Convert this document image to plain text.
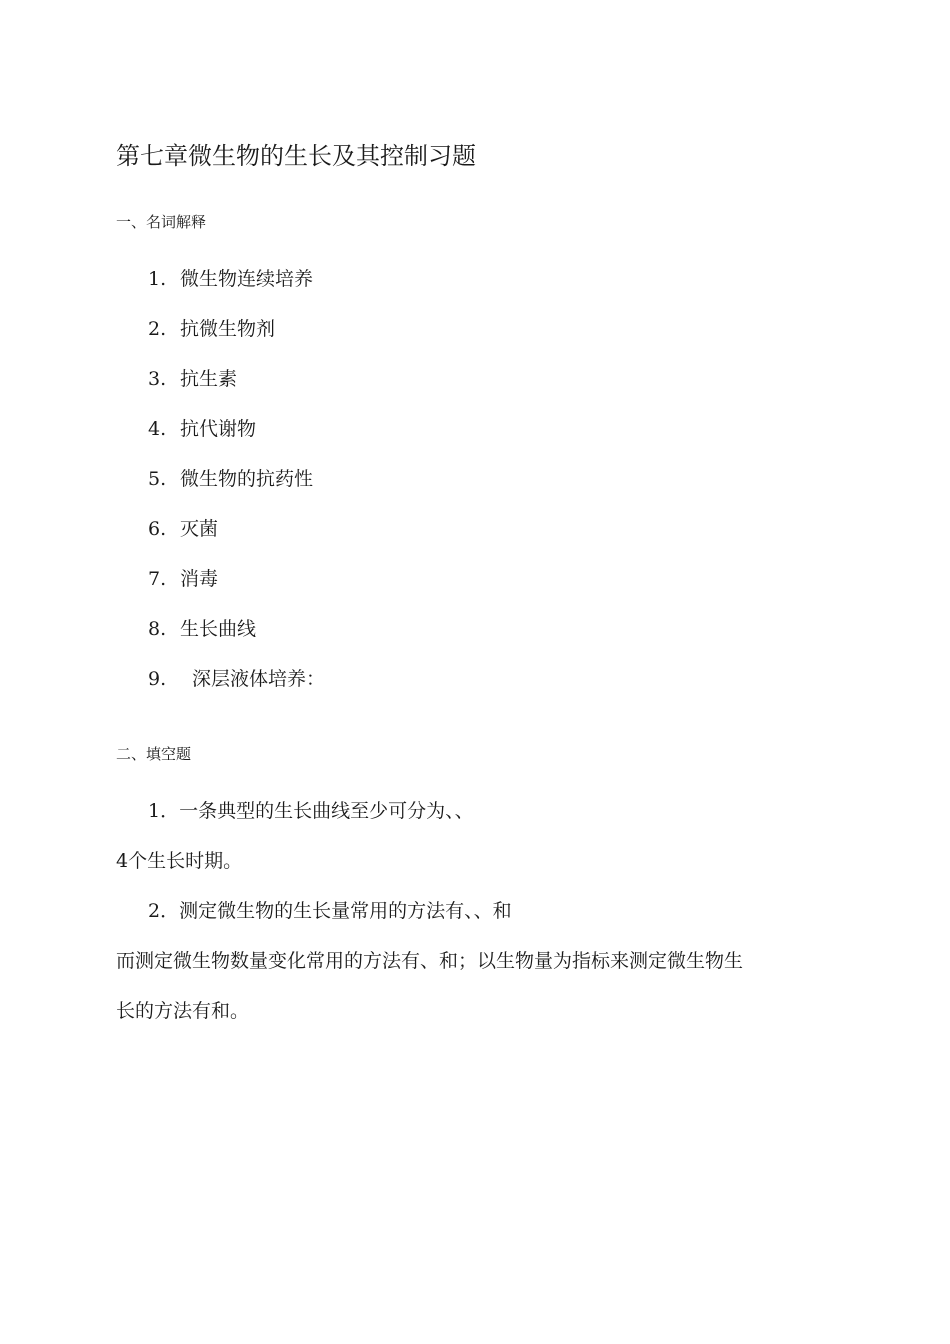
第七章微生物的生长及其控制习题
一、名词解释
1. 微生物连续培养
2. 抗微生物剂
3. 抗生素
4. 抗代谢物
5. 微生物的抗药性
6. 灭菌
7. 消毒
8. 生长曲线
9. 深层液体培养：
二、填空题
1．一条典型的生长曲线至少可分为、、
4个生长时期。
2．测定微生物的生长量常用的方法有、、和
而测定微生物数量变化常用的方法有、和；以生物量为指标来测定微生物生
长的方法有和。
